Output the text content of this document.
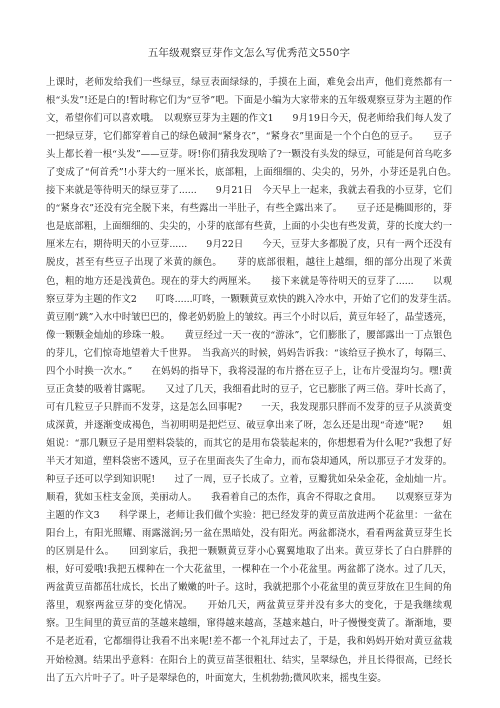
五年级观察豆芽作文怎么写优秀范文550字

上课时，老师发给我们一些绿豆，绿豆表面绿绿的，手摸在上面，难免会出声，他们竟然都有一根“头发”!还是白的!暂时称它们为“豆爷”吧。下面是小编为大家带来的五年级观察豆芽为主题的作文，希望你们可以喜欢哦。　以观察豆芽为主题的作文1　　9月19日今天，倪老师给我们每人发了一把绿豆芽，它们都穿着自己的绿色破洞“紧身衣”，“紧身衣”里面是一个个白色的豆子。　　豆子头上都长着一根“头发”——豆芽。呀!你们猜我发现啥了?一颗没有头发的绿豆，可能是何首乌吃多了变成了“何首秃”!小芽大约一厘米长，底部粗，上面细细的、尖尖的，另外，小芽还是乳白色。　　接下来就是等待明天的绿豆芽了......　　9月21日　今天早上一起来，我就去看我的小豆芽，它们的“紧身衣”还没有完全脱下来，有些露出一半肚子，有些全露出来了。　　豆子还是椭圆形的，芽也是底部粗，上面细细的、尖尖的，小芽的底部有些黄，上面的小尖也有些发黄，芽的长度大约一厘米左右，期待明天的小豆芽......　　9月22日　　今天，豆芽大多都脱了皮，只有一两个还没有脱皮，甚至有些豆子出现了米黄的颜色。　　芽的底部很粗，越往上越细，细的部分出现了米黄色，粗的地方还是浅黄色。现在的芽大约两厘米。　　接下来就是等待明天的豆芽了......　　以观察豆芽为主题的作文2　　叮咚......叮咚，一颗颗黄豆欢快的跳入冷水中，开始了它们的发芽生活。　　黄豆刚“跳”入水中时皱巴巴的，像老奶奶脸上的皱纹。再三个小时以后，黄豆年轻了，晶莹透亮，像一颗颗金灿灿的珍珠一般。　　黄豆经过一天一夜的“游泳”，它们膨胀了，腰部露出一丁点银色的芽儿，它们惊奇地望着大千世界。　当我高兴的时候，妈妈告诉我：“该给豆子换水了，每隔三、四个小时换一次水。”　　在妈妈的指导下，我将浸湿的布片搭在豆子上，让布片受湿均匀。嘿!黄豆正贪婪的吸着甘露呢。　　又过了几天，我细看此时的豆子，它已膨胀了两三倍。芽叶长高了，可有几粒豆子只胖而不发芽，这是怎么回事呢?　　一天，我发现那只胖而不发芽的豆子从淡黄变成深黄，并逐渐变成褐色，当初明明是把烂豆、破豆拿出来了呀，怎么还是出现“奇迹”呢?　　姐姐说：“那几颗豆子是用塑料袋装的，而其它的是用布袋装起来的，你想想看为什么呢?”我想了好半天才知道，塑料袋密不透风，豆子在里面丧失了生命力，而布袋却通风，所以那豆子才发芽的。种豆子还可以学到知识呢!　　过了一周，豆子长成了。立着，豆瓣犹如朵朵金花，金灿灿一片。顺看，犹如玉柱支金顶，美丽动人。　　我看着自己的杰作，真舍不得取之食用。　　以观察豆芽为主题的作文3　　科学课上，老师让我们做个实验：把已经发芽的黄豆苗放进两个花盆里：一盆在阳台上，有阳光照耀、雨露滋润;另一盆在黑暗处，没有阳光。两盆都浇水，看看两盆黄豆芽生长的区别是什么。　　回到家后，我把一颗颗黄豆芽小心翼翼地取了出来。黄豆芽长了白白胖胖的根，好可爱哦!我把五棵种在一个大花盆里，一棵种在一个小花盆里。两盆都了浇水。过了几天，两盆黄豆苗都茁壮成长，长出了嫩嫩的叶子。这时，我就把那个小花盆里的黄豆芽放在卫生间的角落里，观察两盆豆芽的变化情况。　　开始几天，两盆黄豆芽并没有多大的变化，于是我继续观察。卫生间里的黄豆苗的茎越来越细，窜得越来越高，茎越来越白，叶子慢慢变黄了。渐渐地，要不是老近看，它都细得让我看不出来呢!差不都一个礼拜过去了，于是，我和妈妈开始对黄豆盆栽开始检测。结果出乎意料：在阳台上的黄豆苗茎很粗壮、结实，呈翠绿色，并且长得很高，已经长出了五六片叶子了。叶子是翠绿色的，叶面宽大，生机勃勃;微风吹来，摇曳生姿。
